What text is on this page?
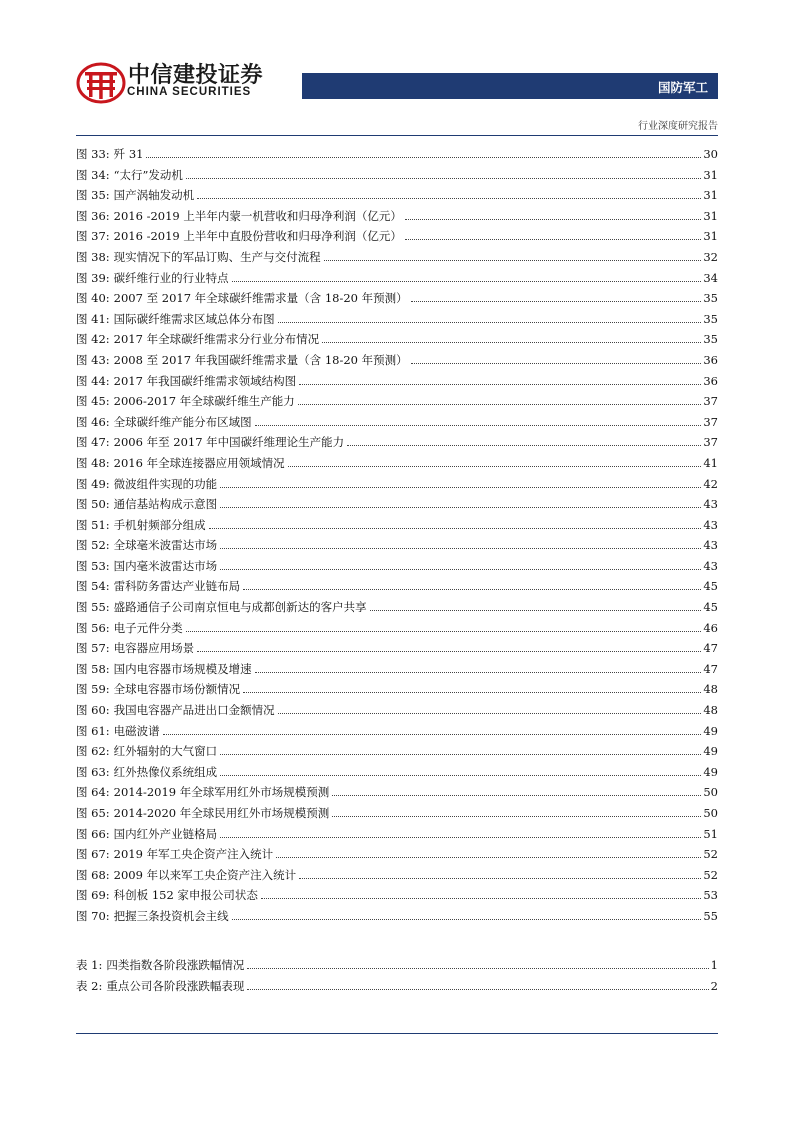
中信建投证券
CHINA SECURITIES	国防军工
行业深度研究报告
图 33: 歼 31	30
图 34: “太行”发动机	31
图 35: 国产涡轴发动机	31
图 36: 2016 -2019 上半年内蒙一机营收和归母净利润（亿元）	31
图 37: 2016 -2019 上半年中直股份营收和归母净利润（亿元）	31
图 38: 现实情况下的军品订购、生产与交付流程	32
图 39: 碳纤维行业的行业特点	34
图 40: 2007 至 2017 年全球碳纤维需求量（含 18-20 年预测）	35
图 41: 国际碳纤维需求区域总体分布图	35
图 42: 2017 年全球碳纤维需求分行业分布情况	35
图 43: 2008 至 2017 年我国碳纤维需求量（含 18-20 年预测）	36
图 44: 2017 年我国碳纤维需求领域结构图	36
图 45: 2006-2017 年全球碳纤维生产能力	37
图 46: 全球碳纤维产能分布区域图	37
图 47: 2006 年至 2017 年中国碳纤维理论生产能力	37
图 48: 2016 年全球连接器应用领域情况	41
图 49: 微波组件实现的功能	42
图 50: 通信基站构成示意图	43
图 51: 手机射频部分组成	43
图 52: 全球毫米波雷达市场	43
图 53: 国内毫米波雷达市场	43
图 54: 雷科防务雷达产业链布局	45
图 55: 盛路通信子公司南京恒电与成都创新达的客户共享	45
图 56: 电子元件分类	46
图 57: 电容器应用场景	47
图 58: 国内电容器市场规模及增速	47
图 59: 全球电容器市场份额情况	48
图 60: 我国电容器产品进出口金额情况	48
图 61: 电磁波谱	49
图 62: 红外辐射的大气窗口	49
图 63: 红外热像仪系统组成	49
图 64: 2014-2019 年全球军用红外市场规模预测	50
图 65: 2014-2020 年全球民用红外市场规模预测	50
图 66: 国内红外产业链格局	51
图 67: 2019 年军工央企资产注入统计	52
图 68: 2009 年以来军工央企资产注入统计	52
图 69: 科创板 152 家申报公司状态	53
图 70: 把握三条投资机会主线	55
表 1: 四类指数各阶段涨跌幅情况	1
表 2: 重点公司各阶段涨跌幅表现	2
